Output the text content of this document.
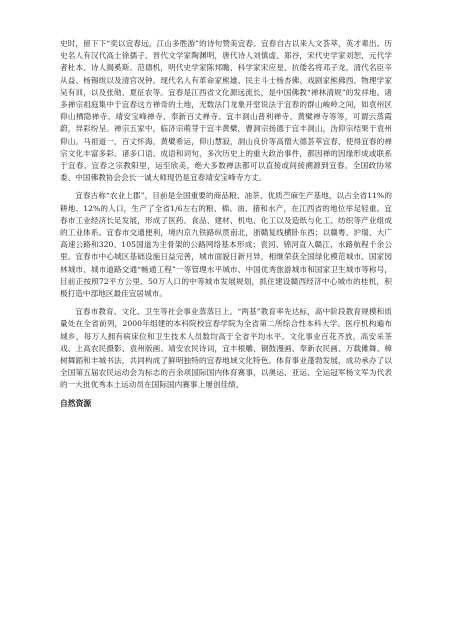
史时，留下下“奕以宜春远，江山多胜游”的诗句赞美宜春。宜春自古以来人文荟萃，英才辈出。历史名人有汉代高士徐孺子、晋代文学家陶渊明，唐代诗人刘慎虚、郑谷，宋代史学家刘恕，元代学者杜本、诗人揭奚斯、范德机，明代史学家陈邦瞻、科学家宋应星、抗倭名将邓子龙，清代名臣辛从益、杨锡绂以及清官况钟。现代名人有革命家熊雄、民主斗士杨杏佛、戏剧家熊佛西、物理学家吴有训，以及张勋、夏征农等。宜春是江西省文化源远流长，是中国佛教“禅林清规”的发祥地。诸多禅宗祖庭集中于宜春这方禅奇的土地，无数法门龙象开堂说法于宜春的群山峻岭之间，如袁州区仰山栖隐禅寺、靖安宝峰禅寺、奉新百丈禅寺、宜丰洞山普利禅寺、黄檗禅寺等等，可谓云蒸霞蔚，异彩纷呈。禅宗五家中，临济宗萌芽于宜丰黄檗，曹洞宗扬德于宜丰洞山，沩仰宗结果于袁州仰山。马祖道一，百丈怀海，黄檗希运，仰山慧寂，洞山良价等高僧大德荟萃宜春，使得宜春的禅宗文化丰富多彩。诸多口语、成语和词句，多次历史上的重大政治事件，都因禅的因缘形成或联系于宜春。宜春之宗教阳里，运至欣美，绝大多数禅法都可以直接或间接溯源到宜春。全国政协常委、中国佛教协会会长一诚大师现仍是宜春靖安宝峰寺方丈。

宜春古称“农业上郡”，目前是全国重要的商品粮、油茶、优质苎麻生产基地，以占全省11%的耕地、12%的人口，生产了全省1/6左右的粮、棉、油、猪和水产，在江西省的地位举足轻重。宜春市工业经济长足发展，形成了医药、食品、建材、机电、化工以及造纸与化工、纺织等产业组成的工业体系。宜春市交通便利，境内京九铁路纵贯南北，浙赣复线横卧东西；以赣粤、沪瑞、大广高速公路和320、105国道为主骨架的公路网络基本形成；袁河、锦河直入赣江，水路航程千余公里。宜春市中心城区基础设施日益完善，城市面貌日新月异，相继荣获全国绿化模范城市、国家园林城市、城市道路交通“畅通工程”一等管理水平城市、中国优秀旅游城市和国家卫生城市等称号，目前正按照72平方公里、50万人口的中等城市发展规划，抓住建设赣西经济中心城市的桂机，积极打造中部地区最佳宜居城市。

宜春市教育、文化、卫生等社会事业蒸蒸日上。“两基”教育率先达标，高中阶段教育规模和质量处在全省前列，2000年组建的本科院校宜春学院为全省第二所综合性本科大学。医疗机构遍布城乡，每万人拥有病床位和卫生技术人员数均高于全省平均水平。文化事业百花齐放，高安采茶戏、上高农民摄影、袁州版画、靖安农民诗词，宜丰根雕、铜鼓漫画、奉新农民画、万载傩舞、樟树舞蹈和丰城书法，共同构成了鲜明独特的宜春地域文化特色。体育事业蓬勃发展，成功承办了以全国第五届农民运动会为标志的百余项国际国内体育赛事，以奥运、亚运、全运冠军杨文军为代表的一大批优秀本土运动员在国际国内赛事上屡创佳绩。

自然资源
